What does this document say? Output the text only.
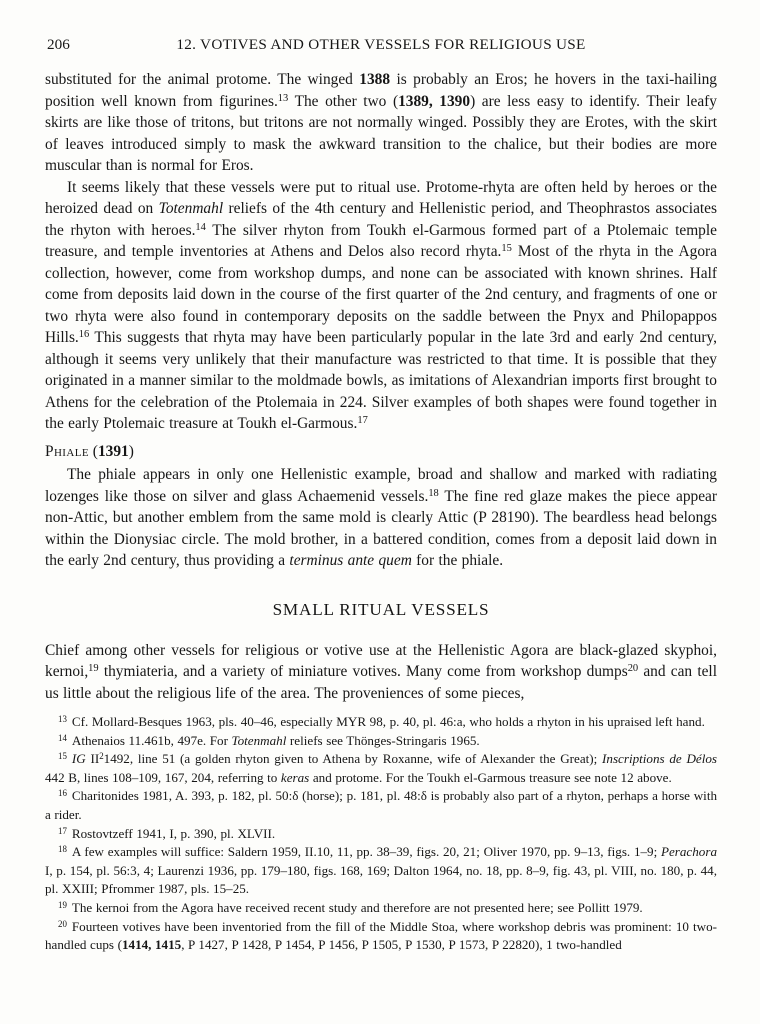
206	12. VOTIVES AND OTHER VESSELS FOR RELIGIOUS USE

substituted for the animal protome. The winged 1388 is probably an Eros; he hovers in the taxi-hailing position well known from figurines.$^{13}$ The other two (1389, 1390) are less easy to identify. Their leafy skirts are like those of tritons, but tritons are not normally winged. Possibly they are Erotes, with the skirt of leaves introduced simply to mask the awkward transition to the chalice, but their bodies are more muscular than is normal for Eros.

It seems likely that these vessels were put to ritual use. Protome-rhyta are often held by heroes or the heroized dead on Totenmahl reliefs of the 4th century and Hellenistic period, and Theophrastos associates the rhyton with heroes.$^{14}$ The silver rhyton from Toukh el-Garmous formed part of a Ptolemaic temple treasure, and temple inventories at Athens and Delos also record rhyta.$^{15}$ Most of the rhyta in the Agora collection, however, come from workshop dumps, and none can be associated with known shrines. Half come from deposits laid down in the course of the first quarter of the 2nd century, and fragments of one or two rhyta were also found in contemporary deposits on the saddle between the Pnyx and Philopappos Hills.$^{16}$ This suggests that rhyta may have been particularly popular in the late 3rd and early 2nd century, although it seems very unlikely that their manufacture was restricted to that time. It is possible that they originated in a manner similar to the moldmade bowls, as imitations of Alexandrian imports first brought to Athens for the celebration of the Ptolemaia in 224. Silver examples of both shapes were found together in the early Ptolemaic treasure at Toukh el-Garmous.$^{17}$

Phiale (1391)

The phiale appears in only one Hellenistic example, broad and shallow and marked with radiating lozenges like those on silver and glass Achaemenid vessels.$^{18}$ The fine red glaze makes the piece appear non-Attic, but another emblem from the same mold is clearly Attic (P 28190). The beardless head belongs within the Dionysiac circle. The mold brother, in a battered condition, comes from a deposit laid down in the early 2nd century, thus providing a terminus ante quem for the phiale.

SMALL RITUAL VESSELS

Chief among other vessels for religious or votive use at the Hellenistic Agora are black-glazed skyphoi, kernoi,$^{19}$ thymiateria, and a variety of miniature votives. Many come from workshop dumps$^{20}$ and can tell us little about the religious life of the area. The proveniences of some pieces,

$^{13}$ Cf. Mollard-Besques 1963, pls. 40–46, especially MYR 98, p. 40, pl. 46:a, who holds a rhyton in his upraised left hand.

$^{14}$ Athenaios 11.461b, 497e. For Totenmahl reliefs see Thönges-Stringaris 1965.

$^{15}$ IG $II^21492$, line 51 (a golden rhyton given to Athena by Roxanne, wife of Alexander the Great); Inscriptions de Délos 442 B, lines 108–109, 167, 204, referring to keras and protome. For the Toukh el-Garmous treasure see note 12 above.

$^{16}$ Charitonides 1981, A. 393, p. 182, pl. 50:δ (horse); p. 181, pl. 48:δ is probably also part of a rhyton, perhaps a horse with a rider.

$^{17}$ Rostovtzeff 1941, I, p. 390, pl. XLVII.

$^{18}$ A few examples will suffice: Saldern 1959, II.10, 11, pp. 38–39, figs. 20, 21; Oliver 1970, pp. 9–13, figs. 1–9; Perachora I, p. 154, pl. 56:3, 4; Laurenzi 1936, pp. 179–180, figs. 168, 169; Dalton 1964, no. 18, pp. 8–9, fig. 43, pl. VIII, no. 180, p. 44, pl. XXIII; Pfrommer 1987, pls. 15–25.

$^{19}$ The kernoi from the Agora have received recent study and therefore are not presented here; see Pollitt 1979.

$^{20}$ Fourteen votives have been inventoried from the fill of the Middle Stoa, where workshop debris was prominent: 10 two-handled cups (1414, 1415, P 1427, P 1428, P 1454, P 1456, P 1505, P 1530, P 1573, P 22820), 1 two-handled
